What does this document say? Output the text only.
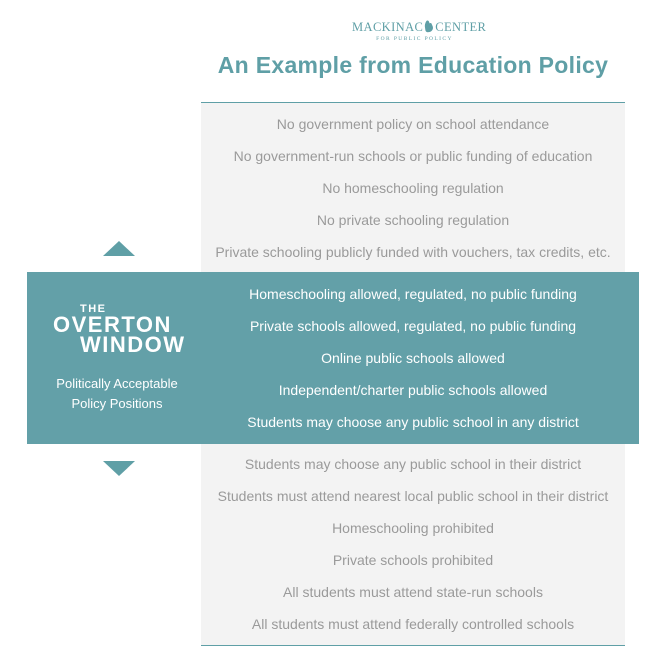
MACKINAC CENTER
FOR PUBLIC POLICY
An Example from Education Policy
No government policy on school attendance
No government-run schools or public funding of education
No homeschooling regulation
No private schooling regulation
Private schooling publicly funded with vouchers, tax credits, etc.
Homeschooling allowed, regulated, no public funding
Private schools allowed, regulated, no public funding
Online public schools allowed
Independent/charter public schools allowed
Students may choose any public school in any district
Students may choose any public school in their district
Students must attend nearest local public school in their district
Homeschooling prohibited
Private schools prohibited
All students must attend state-run schools
All students must attend federally controlled schools
THE
OVERTON
WINDOW
Politically Acceptable
Policy Positions
